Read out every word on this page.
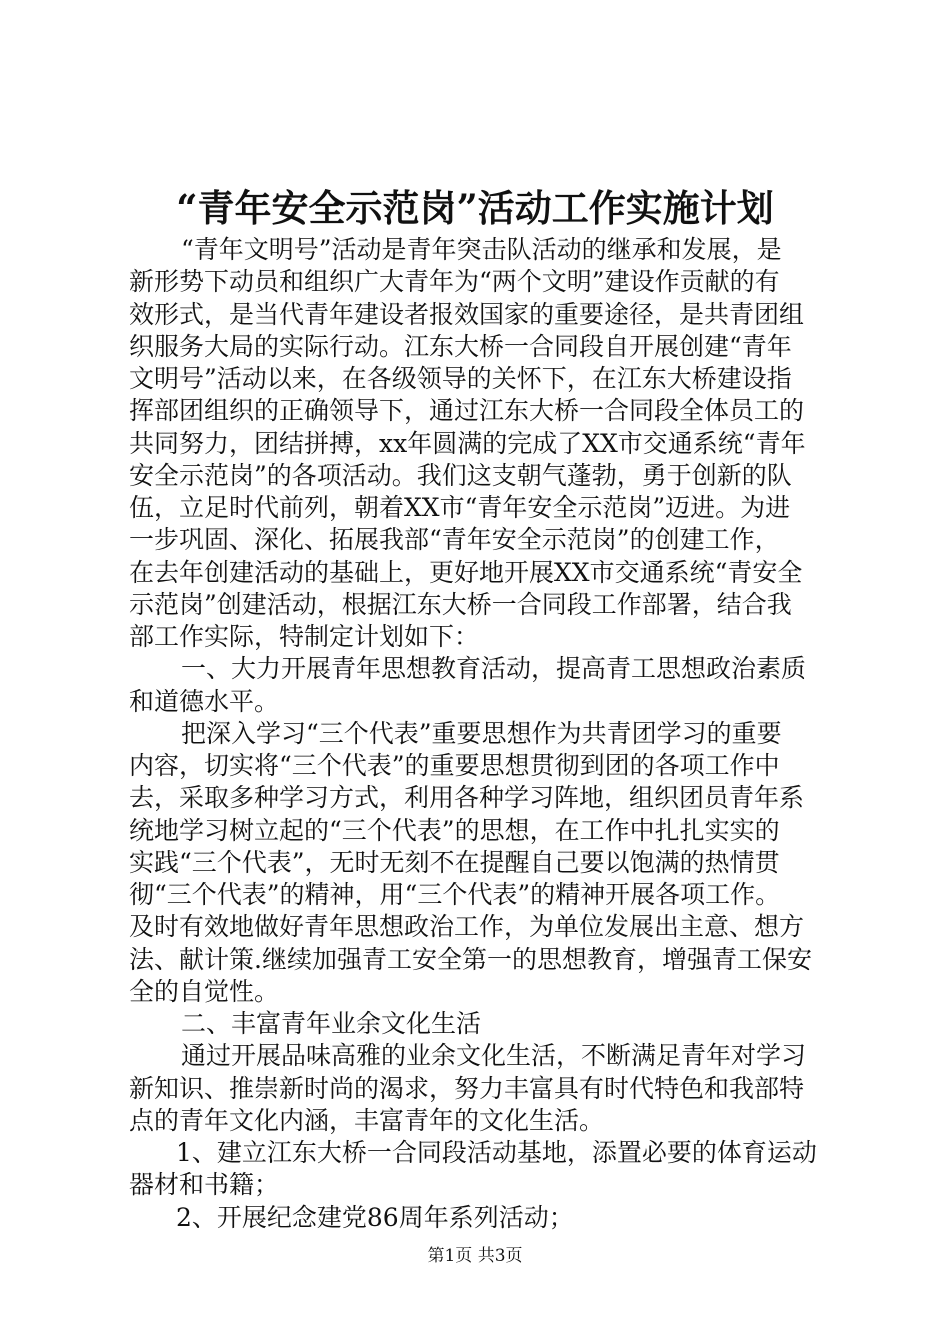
“青年安全示范岗”活动工作实施计划
“青年文明号”活动是青年突击队活动的继承和发展，是
新形势下动员和组织广大青年为“两个文明”建设作贡献的有
效形式，是当代青年建设者报效国家的重要途径，是共青团组
织服务大局的实际行动。江东大桥一合同段自开展创建“青年
文明号”活动以来，在各级领导的关怀下，在江东大桥建设指
挥部团组织的正确领导下，通过江东大桥一合同段全体员工的
共同努力，团结拼搏，xx年圆满的完成了XX市交通系统“青年
安全示范岗”的各项活动。我们这支朝气蓬勃，勇于创新的队
伍，立足时代前列，朝着XX市“青年安全示范岗”迈进。为进
一步巩固、深化、拓展我部“青年安全示范岗”的创建工作，
在去年创建活动的基础上，更好地开展XX市交通系统“青安全
示范岗”创建活动，根据江东大桥一合同段工作部署，结合我
部工作实际，特制定计划如下：
一、大力开展青年思想教育活动，提高青工思想政治素质
和道德水平。
把深入学习“三个代表”重要思想作为共青团学习的重要
内容，切实将“三个代表”的重要思想贯彻到团的各项工作中
去，采取多种学习方式，利用各种学习阵地，组织团员青年系
统地学习树立起的“三个代表”的思想，在工作中扎扎实实的
实践“三个代表”，无时无刻不在提醒自己要以饱满的热情贯
彻“三个代表”的精神，用“三个代表”的精神开展各项工作。
及时有效地做好青年思想政治工作，为单位发展出主意、想方
法、献计策.继续加强青工安全第一的思想教育，增强青工保安
全的自觉性。
二、丰富青年业余文化生活
通过开展品味高雅的业余文化生活，不断满足青年对学习
新知识、推崇新时尚的渴求，努力丰富具有时代特色和我部特
点的青年文化内涵，丰富青年的文化生活。
1、建立江东大桥一合同段活动基地，添置必要的体育运动
器材和书籍；
2、开展纪念建党86周年系列活动；
第1页 共3页
